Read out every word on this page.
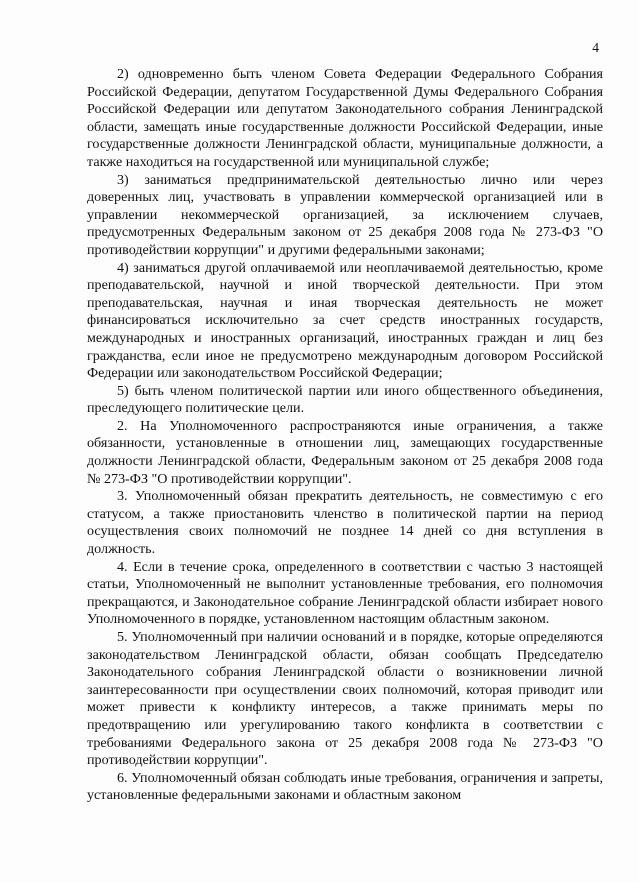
4

2) одновременно быть членом Совета Федерации Федерального Собрания Российской Федерации, депутатом Государственной Думы Федерального Собрания Российской Федерации или депутатом Законодательного собрания Ленинградской области, замещать иные государственные должности Российской Федерации, иные государственные должности Ленинградской области, муниципальные должности, а также находиться на государственной или муниципальной службе;

3) заниматься предпринимательской деятельностью лично или через доверенных лиц, участвовать в управлении коммерческой организацией или в управлении некоммерческой организацией, за исключением случаев, предусмотренных Федеральным законом от 25 декабря 2008 года № 273-ФЗ "О противодействии коррупции" и другими федеральными законами;

4) заниматься другой оплачиваемой или неоплачиваемой деятельностью, кроме преподавательской, научной и иной творческой деятельности. При этом преподавательская, научная и иная творческая деятельность не может финансироваться исключительно за счет средств иностранных государств, международных и иностранных организаций, иностранных граждан и лиц без гражданства, если иное не предусмотрено международным договором Российской Федерации или законодательством Российской Федерации;

5) быть членом политической партии или иного общественного объединения, преследующего политические цели.

2. На Уполномоченного распространяются иные ограничения, а также обязанности, установленные в отношении лиц, замещающих государственные должности Ленинградской области, Федеральным законом от 25 декабря 2008 года № 273-ФЗ "О противодействии коррупции".

3. Уполномоченный обязан прекратить деятельность, не совместимую с его статусом, а также приостановить членство в политической партии на период осуществления своих полномочий не позднее 14 дней со дня вступления в должность.

4. Если в течение срока, определенного в соответствии с частью 3 настоящей статьи, Уполномоченный не выполнит установленные требования, его полномочия прекращаются, и Законодательное собрание Ленинградской области избирает нового Уполномоченного в порядке, установленном настоящим областным законом.

5. Уполномоченный при наличии оснований и в порядке, которые определяются законодательством Ленинградской области, обязан сообщать Председателю Законодательного собрания Ленинградской области о возникновении личной заинтересованности при осуществлении своих полномочий, которая приводит или может привести к конфликту интересов, а также принимать меры по предотвращению или урегулированию такого конфликта в соответствии с требованиями Федерального закона от 25 декабря 2008 года № 273-ФЗ "О противодействии коррупции".

6. Уполномоченный обязан соблюдать иные требования, ограничения и запреты, установленные федеральными законами и областным законом
